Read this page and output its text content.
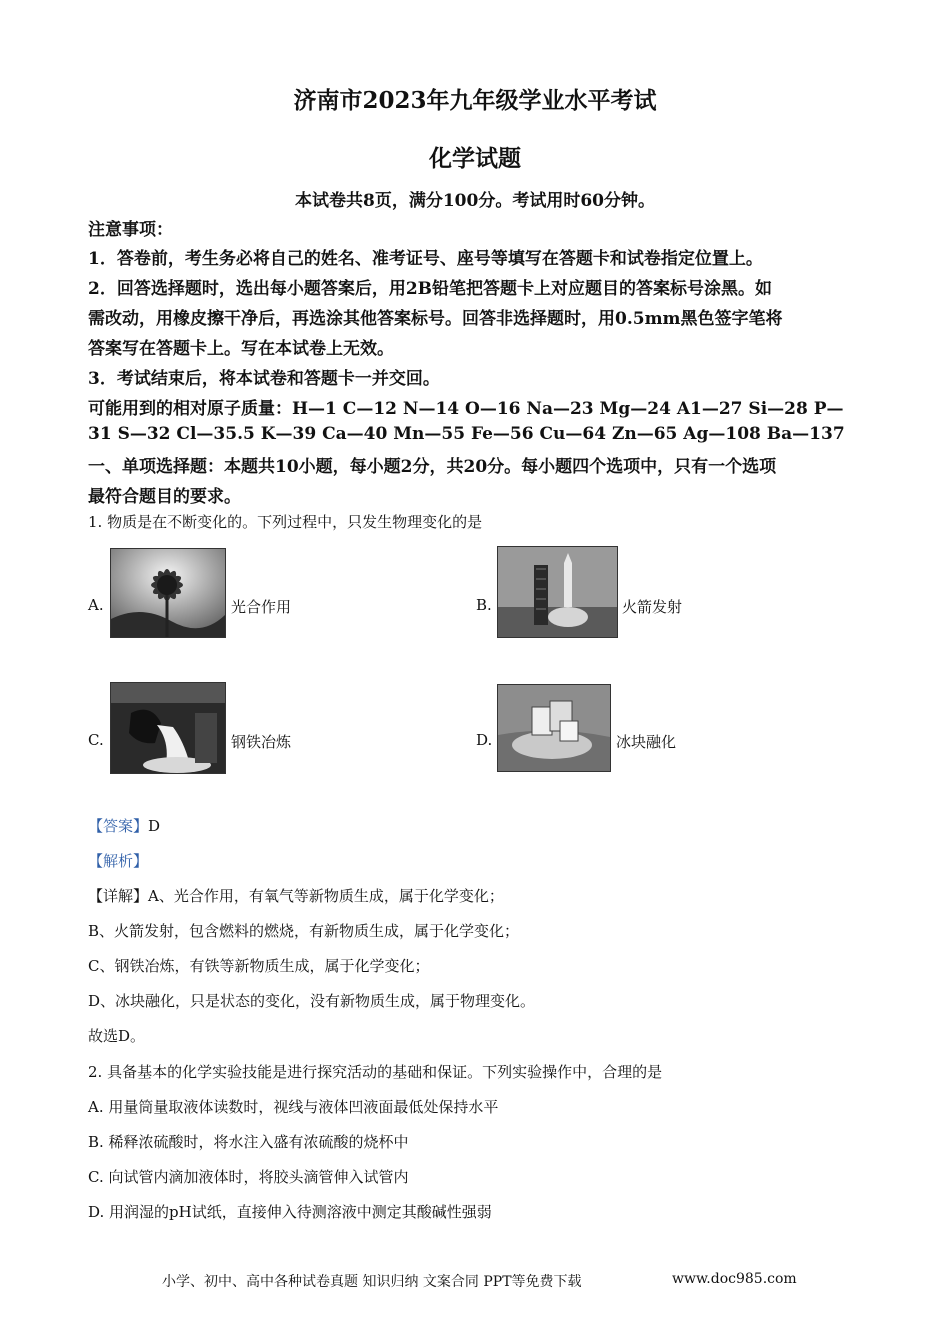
济南市2023年九年级学业水平考试
化学试题
本试卷共8页，满分100分。考试用时60分钟。
注意事项：
1．答卷前，考生务必将自己的姓名、准考证号、座号等填写在答题卡和试卷指定位置上。
2．回答选择题时，选出每小题答案后，用2B铅笔把答题卡上对应题目的答案标号涂黑。如
需改动，用橡皮擦干净后，再选涂其他答案标号。回答非选择题时，用0.5mm黑色签字笔将
答案写在答题卡上。写在本试卷上无效。
3．考试结束后，将本试卷和答题卡一并交回。
可能用到的相对原子质量：H—1 C—12 N—14 O—16 Na—23 Mg—24 A1—27 Si—28 P—
31 S—32 Cl—35.5 K—39 Ca—40 Mn—55 Fe—56 Cu—64 Zn—65 Ag—108 Ba—137
一、单项选择题：本题共10小题，每小题2分，共20分。每小题四个选项中，只有一个选项
最符合题目的要求。
1. 物质是在不断变化的。下列过程中，只发生物理变化的是
A.	光合作用	B.	火箭发射
C.	钢铁冶炼	D.	冰块融化
【答案】D
【解析】
【详解】A、光合作用，有氧气等新物质生成，属于化学变化；
B、火箭发射，包含燃料的燃烧，有新物质生成，属于化学变化；
C、钢铁冶炼，有铁等新物质生成，属于化学变化；
D、冰块融化，只是状态的变化，没有新物质生成，属于物理变化。
故选D。
2. 具备基本的化学实验技能是进行探究活动的基础和保证。下列实验操作中，合理的是
A. 用量筒量取液体读数时，视线与液体凹液面最低处保持水平
B. 稀释浓硫酸时，将水注入盛有浓硫酸的烧杯中
C. 向试管内滴加液体时，将胶头滴管伸入试管内
D. 用润湿的pH试纸，直接伸入待测溶液中测定其酸碱性强弱
小学、初中、高中各种试卷真题 知识归纳 文案合同 PPT等免费下载	www.doc985.com
